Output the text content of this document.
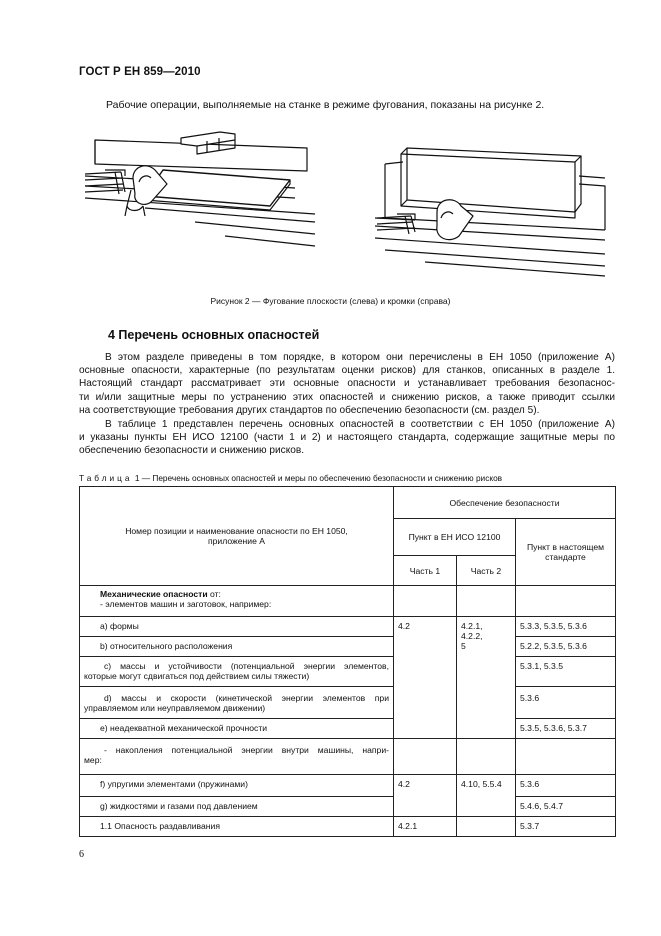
ГОСТ Р ЕН 859—2010
Рабочие операции, выполняемые на станке в режиме фугования, показаны на рисунке 2.
Рисунок 2 — Фугование плоскости (слева) и кромки (справа)
4 Перечень основных опасностей
В этом разделе приведены в том порядке, в котором они перечислены в ЕН 1050 (приложение А)
основные опасности, характерные (по результатам оценки рисков) для станков, описанных в разделе 1.
Настоящий стандарт рассматривает эти основные опасности и устанавливает требования безопаснос-
ти и/или защитные меры по устранению этих опасностей и снижению рисков, а также приводит ссылки
на соответствующие требования других стандартов по обеспечению безопасности (см. раздел 5).
В таблице 1 представлен перечень основных опасностей в соответствии с ЕН 1050 (приложение А)
и указаны пункты ЕН ИСО 12100 (части 1 и 2) и настоящего стандарта, содержащие защитные меры по
обеспечению безопасности и снижению рисков.
Таблица 1 — Перечень основных опасностей и меры по обеспечению безопасности и снижению рисков
Номер позиции и наименование опасности по ЕН 1050, приложение А	Обеспечение безопасности		
	Пункт в ЕН ИСО 12100		Пункт в настоящем стандарте
	Часть 1	Часть 2	

Механические опасности от:
- элементов машин и заготовок, например:			

а) формы	4.2	4.2.1,
4.2.2,
5	5.3.3, 5.3.5, 5.3.6
b) относительного расположения			5.2.2, 5.3.5, 5.3.6

с) массы и устойчивости (потенциальной энергии элементов,
которые могут сдвигаться под действием силы тяжести)			5.3.1, 5.3.5

d) массы и скорости (кинетической энергии элементов при
управляемом или неуправляемом движении)			5.3.6
е) неадекватной механической прочности			5.3.5, 5.3.6, 5.3.7

- накопления потенциальной энергии внутри машины, напри-
мер:			

f) упругими элементами (пружинами)	4.2	4.10, 5.5.4	5.3.6
g) жидкостями и газами под давлением			5.4.6, 5.4.7
1.1 Опасность раздавливания	4.2.1		5.3.7
6
